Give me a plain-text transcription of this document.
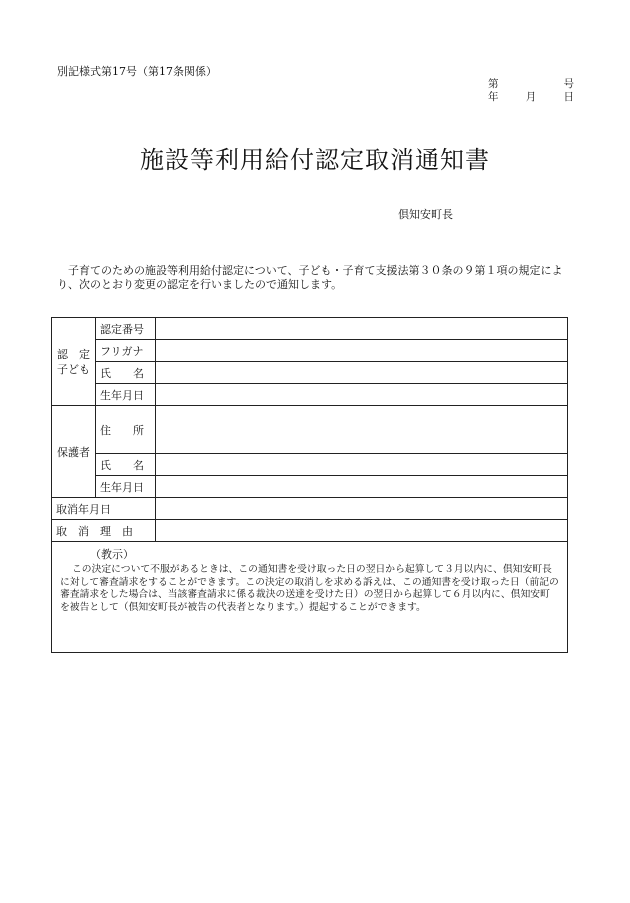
別記様式第17号（第17条関係）
第	号
年	月	日
施設等利用給付認定取消通知書
倶知安町長
子育てのための施設等利用給付認定について、子ども・子育て支援法第３０条の９第１項の規定により、次のとおり変更の認定を行いましたので通知します。
認　定
子ども	認定番号	
	フリガナ	
	氏　　名	
	生年月日	
保護者	住　　所	
	氏　　名	
	生年月日	
取消年月日		
取　消　理　由		

（教示）
この決定について不服があるときは、この通知書を受け取った日の翌日から起算して３月以内に、倶知安町長に対して審査請求をすることができます。この決定の取消しを求める訴えは、この通知書を受け取った日（前記の審査請求をした場合は、当該審査請求に係る裁決の送達を受けた日）の翌日から起算して６月以内に、倶知安町を被告として（倶知安町長が被告の代表者となります。）提起することができます。		
